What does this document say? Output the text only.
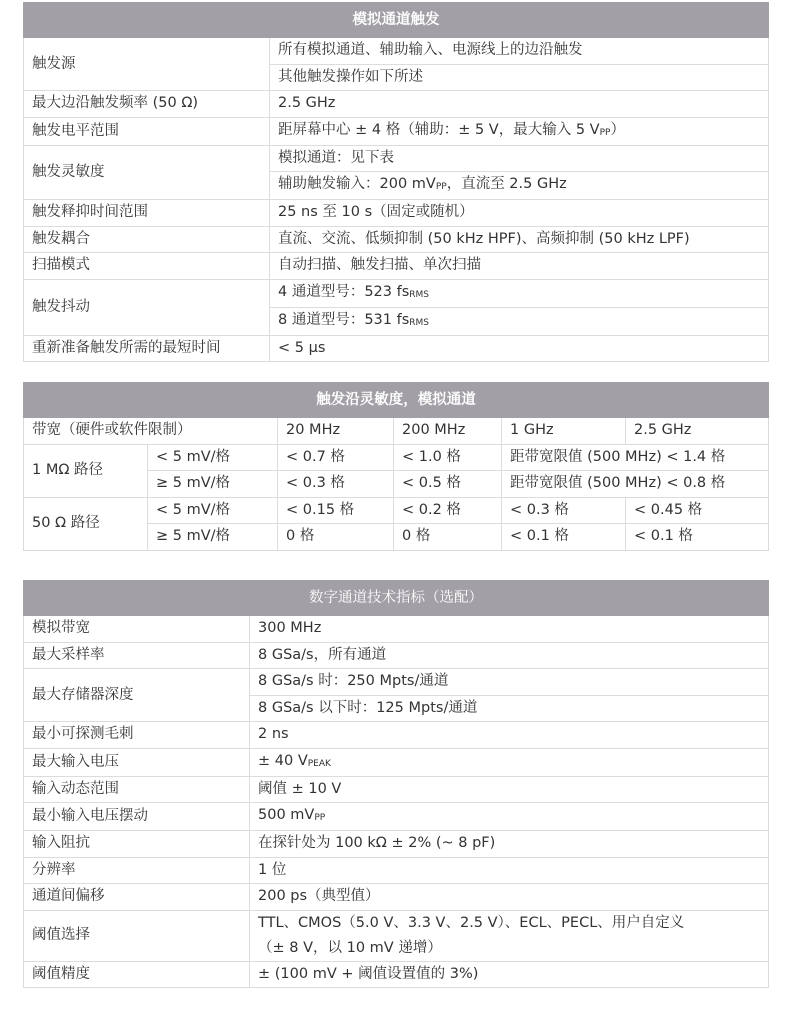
模拟通道触发	
触发源	所有模拟通道、辅助输入、电源线上的边沿触发
	其他触发操作如下所述
最大边沿触发频率 (50 Ω)	2.5 GHz
触发电平范围	距屏幕中心 ± 4 格（辅助：± 5 V，最大输入 5 $V_{PP}$）
触发灵敏度	模拟通道：见下表
	辅助触发输入：200 $mV_{PP}$，直流至 2.5 GHz
触发释抑时间范围	25 ns 至 10 s（固定或随机）
触发耦合	直流、交流、低频抑制 (50 kHz HPF)、高频抑制 (50 kHz LPF)
扫描模式	自动扫描、触发扫描、单次扫描
触发抖动	4 通道型号：523 $fs_{RMS}$
	8 通道型号：531 $fs_{RMS}$
重新准备触发所需的最短时间	< 5 μs
触发沿灵敏度，模拟通道					
带宽（硬件或软件限制）		20 MHz	200 MHz	1 GHz	2.5 GHz
1 MΩ 路径	< 5 mV/格	< 0.7 格	< 1.0 格	距带宽限值 (500 MHz) < 1.4 格	
	≥ 5 mV/格	< 0.3 格	< 0.5 格	距带宽限值 (500 MHz) < 0.8 格	
50 Ω 路径	< 5 mV/格	< 0.15 格	< 0.2 格	< 0.3 格	< 0.45 格
	≥ 5 mV/格	0 格	0 格	< 0.1 格	< 0.1 格
数字通道技术指标（选配）	
模拟带宽	300 MHz
最大采样率	8 GSa/s，所有通道
最大存储器深度	8 GSa/s 时：250 Mpts/通道
	8 GSa/s 以下时：125 Mpts/通道
最小可探测毛刺	2 ns
最大输入电压	± 40 $V_{PEAK}$
输入动态范围	阈值 ± 10 V
最小输入电压摆动	500 $mV_{PP}$
输入阻抗	在探针处为 100 kΩ ± 2% (~ 8 pF)
分辨率	1 位
通道间偏移	200 ps（典型值）
阈值选择	TTL、CMOS（5.0 V、3.3 V、2.5 V）、ECL、PECL、用户自定义
（± 8 V，以 10 mV 递增）

阈值精度	± (100 mV + 阈值设置值的 3%)
